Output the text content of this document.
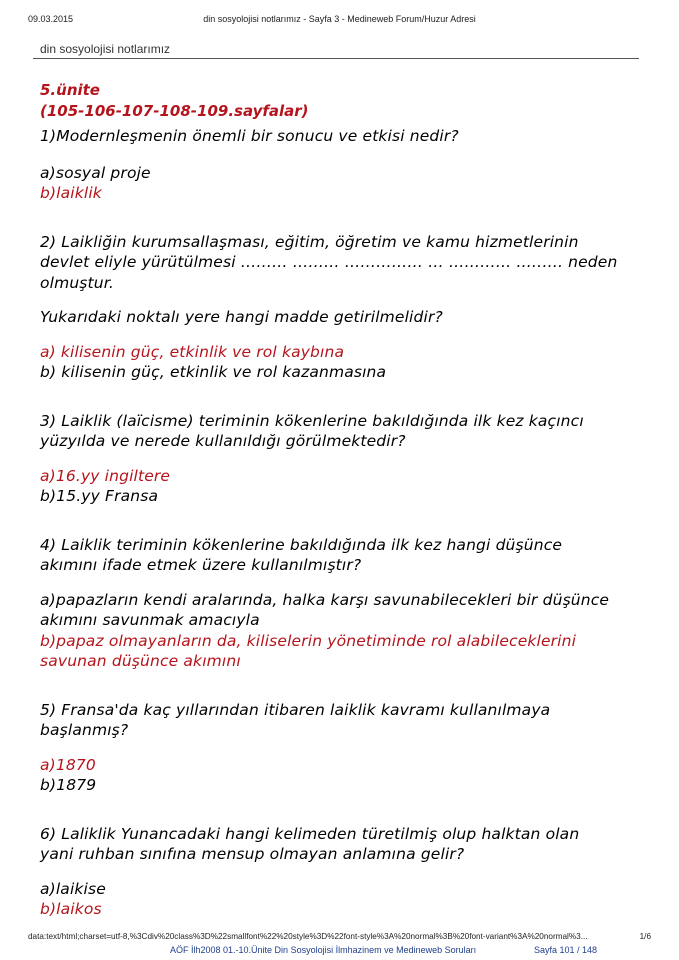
09.03.2015	din sosyolojisi notlarımız - Sayfa 3 - Medineweb Forum/Huzur Adresi
din sosyolojisi notlarımız

5.ünite

(105-106-107-108-109.sayfalar)

1)Modernleşmenin önemli bir sonucu ve etkisi nedir?

a)sosyal proje

b)laiklik

2) Laikliğin kurumsallaşması, eğitim, öğretim ve kamu hizmetlerinin

devlet eliyle yürütülmesi ……… ……… …………… … ………… ..……. neden

olmuştur.

Yukarıdaki noktalı yere hangi madde getirilmelidir?

a) kilisenin güç, etkinlik ve rol kaybına

b) kilisenin güç, etkinlik ve rol kazanmasına

3) Laiklik (laïcisme) teriminin kökenlerine bakıldığında ilk kez kaçıncı

yüzyılda ve nerede kullanıldığı görülmektedir?

a)16.yy ingiltere

b)15.yy Fransa

4) Laiklik teriminin kökenlerine bakıldığında ilk kez hangi düşünce

akımını ifade etmek üzere kullanılmıştır?

a)papazların kendi aralarında, halka karşı savunabilecekleri bir düşünce

akımını savunmak amacıyla

b)papaz olmayanların da, kiliselerin yönetiminde rol alabileceklerini

savunan düşünce akımını

5) Fransa'da kaç yıllarından itibaren laiklik kavramı kullanılmaya

başlanmış?

a)1870

b)1879

6) Laliklik Yunancadaki hangi kelimeden türetilmiş olup halktan olan

yani ruhban sınıfına mensup olmayan anlamına gelir?

a)laikise

b)laikos

data:text/html;charset=utf-8,%3Cdiv%20class%3D%22smallfont%22%20style%3D%22font-style%3A%20normal%3B%20font-variant%3A%20normal%3...	1/6
AÖF İlh2008 01.-10.Ünite Din Sosyolojisi İlmhazinem ve Medineweb Soruları	Sayfa 101 / 148
